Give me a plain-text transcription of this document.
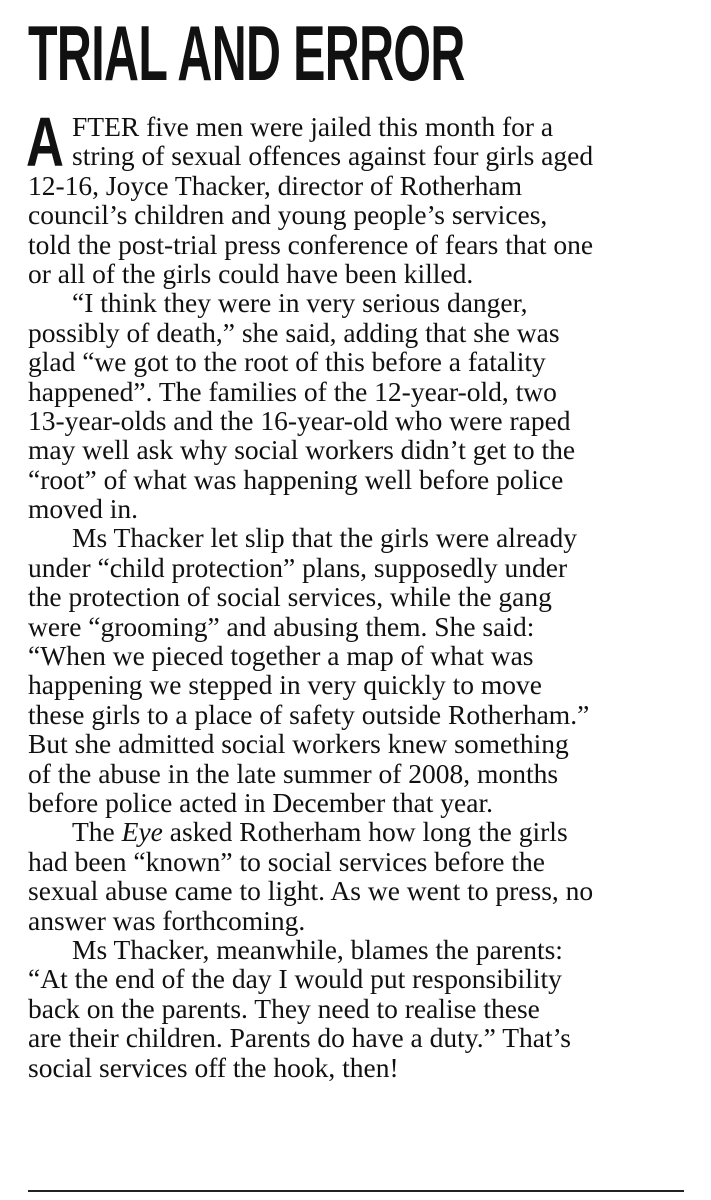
TRIAL AND ERROR
A FTER five men were jailed this month for a
string of sexual offences against four girls aged
12-16, Joyce Thacker, director of Rotherham
council’s children and young people’s services,
told the post-trial press conference of fears that one
or all of the girls could have been killed.
“I think they were in very serious danger,
possibly of death,” she said, adding that she was
glad “we got to the root of this before a fatality
happened”. The families of the 12-year-old, two
13-year-olds and the 16-year-old who were raped
may well ask why social workers didn’t get to the
“root” of what was happening well before police
moved in.
Ms Thacker let slip that the girls were already
under “child protection” plans, supposedly under
the protection of social services, while the gang
were “grooming” and abusing them. She said:
“When we pieced together a map of what was
happening we stepped in very quickly to move
these girls to a place of safety outside Rotherham.”
But she admitted social workers knew something
of the abuse in the late summer of 2008, months
before police acted in December that year.
The Eye asked Rotherham how long the girls
had been “known” to social services before the
sexual abuse came to light. As we went to press, no
answer was forthcoming.
Ms Thacker, meanwhile, blames the parents:
“At the end of the day I would put responsibility
back on the parents. They need to realise these
are their children. Parents do have a duty.” That’s
social services off the hook, then!
